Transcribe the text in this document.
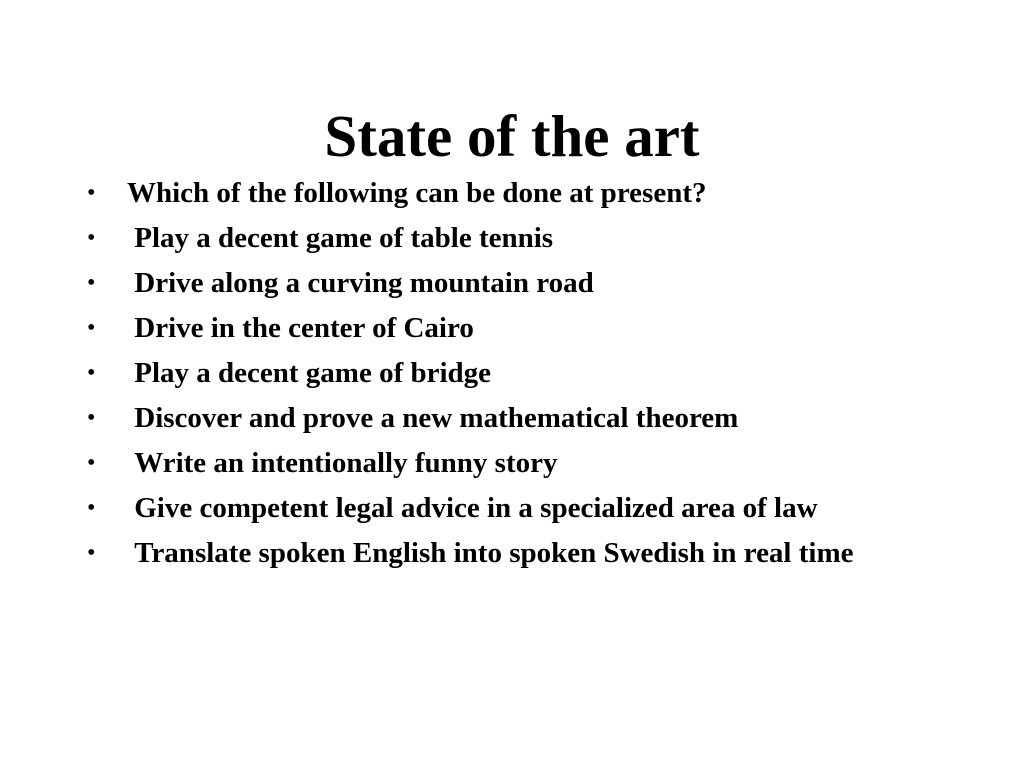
State of the art
• Which of the following can be done at present?
• Play a decent game of table tennis
• Drive along a curving mountain road
• Drive in the center of Cairo
• Play a decent game of bridge
• Discover and prove a new mathematical theorem
• Write an intentionally funny story
• Give competent legal advice in a specialized area of law
• Translate spoken English into spoken Swedish in real time
